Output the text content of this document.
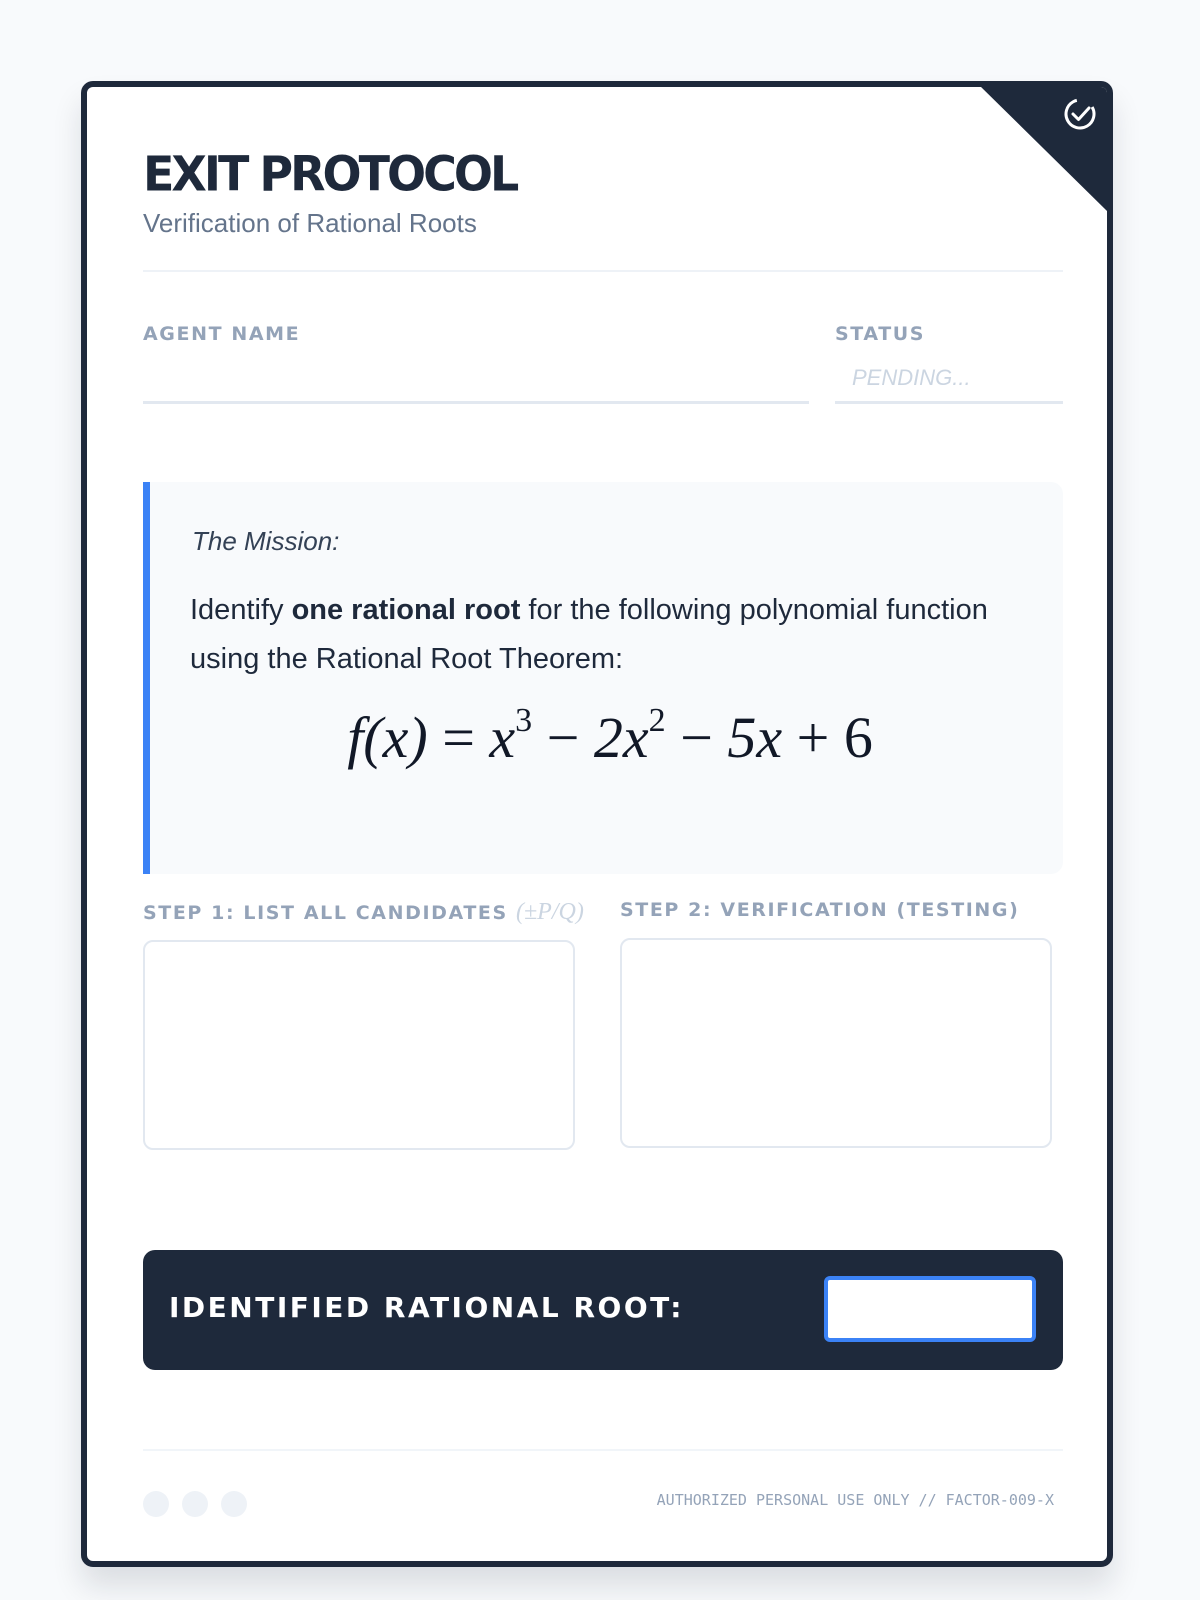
EXIT PROTOCOL
Verification of Rational Roots
AGENT NAME	STATUS
PENDING...
The Mission:
Identify one rational root for the following polynomial function using the Rational Root Theorem:
$f(x) = x^3 - 2x^2 - 5x + 6$
STEP 1: LIST ALL CANDIDATES (±P/Q) STEP 2: VERIFICATION (TESTING)
IDENTIFIED RATIONAL ROOT:
AUTHORIZED PERSONAL USE ONLY // FACTOR-009-X
